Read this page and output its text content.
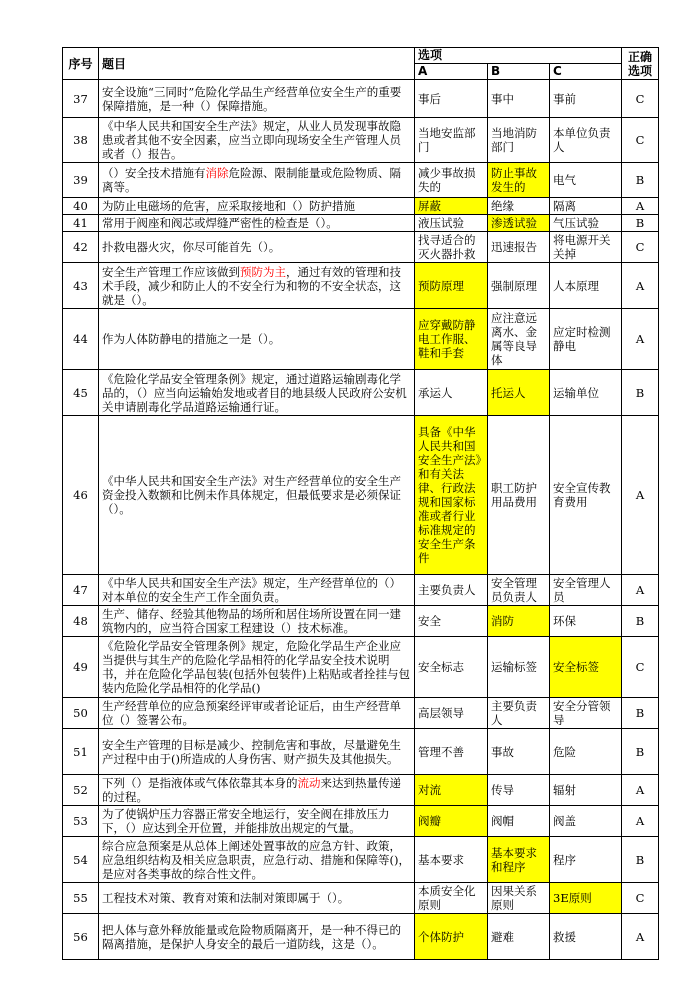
序号	题目	选项			正确选项
		A	B	C	
37	安全设施“三同时”危险化学品生产经营单位安全生产的重要保障措施，是一种（）保障措施。	事后	事中	事前	C
38	《中华人民共和国安全生产法》规定，从业人员发现事故隐患或者其他不安全因素，应当立即向现场安全生产管理人员或者（）报告。	当地安监部门	当地消防部门	本单位负责人	C
39	（）安全技术措施有消除危险源、限制能量或危险物质、隔离等。	减少事故损失的	防止事故发生的	电气	B
40	为防止电磁场的危害，应采取接地和（）防护措施	屏蔽	绝缘	隔离	A
41	常用于阀座和阀芯或焊缝严密性的检查是（）。	液压试验	渗透试验	气压试验	B
42	扑救电器火灾，你尽可能首先（）。	找寻适合的灭火器扑救	迅速报告	将电源开关关掉	C
43	安全生产管理工作应该做到预防为主，通过有效的管理和技术手段，减少和防止人的不安全行为和物的不安全状态，这就是（）。	预防原理	强制原理	人本原理	A
44	作为人体防静电的措施之一是（）。	应穿戴防静电工作服、鞋和手套	应注意远离水、金属等良导体	应定时检测静电	A
45	《危险化学品安全管理条例》规定，通过道路运输剧毒化学品的，（）应当向运输始发地或者目的地县级人民政府公安机关申请剧毒化学品道路运输通行证。	承运人	托运人	运输单位	B
46	《中华人民共和国安全生产法》对生产经营单位的安全生产资金投入数额和比例未作具体规定，但最低要求是必须保证（）。	具备《中华人民共和国安全生产法》和有关法律、行政法规和国家标准或者行业标准规定的安全生产条件	职工防护用品费用	安全宣传教育费用	A
47	《中华人民共和国安全生产法》规定，生产经营单位的（）对本单位的安全生产工作全面负责。	主要负责人	安全管理员负责人	安全管理人员	A
48	生产、储存、经验其他物品的场所和居住场所设置在同一建筑物内的，应当符合国家工程建设（）技术标准。	安全	消防	环保	B
49	《危险化学品安全管理条例》规定，危险化学品生产企业应当提供与其生产的危险化学品相符的化学品安全技术说明书，并在危险化学品包装(包括外包装件)上粘贴或者拴挂与包装内危险化学品相符的化学品()	安全标志	运输标签	安全标签	C
50	生产经营单位的应急预案经评审或者论证后，由生产经营单位（）签署公布。	高层领导	主要负责人	安全分管领导	B
51	安全生产管理的目标是减少、控制危害和事故，尽量避免生产过程中由于()所造成的人身伤害、财产损失及其他损失。	管理不善	事故	危险	B
52	下列（）是指液体或气体依靠其本身的流动来达到热量传递的过程。	对流	传导	辐射	A
53	为了使锅炉压力容器正常安全地运行，安全阀在排放压力下，（）应达到全开位置，并能排放出规定的气量。	阀瓣	阀帽	阀盖	A
54	综合应急预案是从总体上阐述处置事故的应急方针、政策，应急组织结构及相关应急职责，应急行动、措施和保障等()，是应对各类事故的综合性文件。	基本要求	基本要求和程序	程序	B
55	工程技术对策、教育对策和法制对策即属于（）。	本质安全化原则	因果关系原则	3E原则	C
56	把人体与意外释放能量或危险物质隔离开，是一种不得已的隔离措施，是保护人身安全的最后一道防线，这是（）。	个体防护	避难	救援	A
